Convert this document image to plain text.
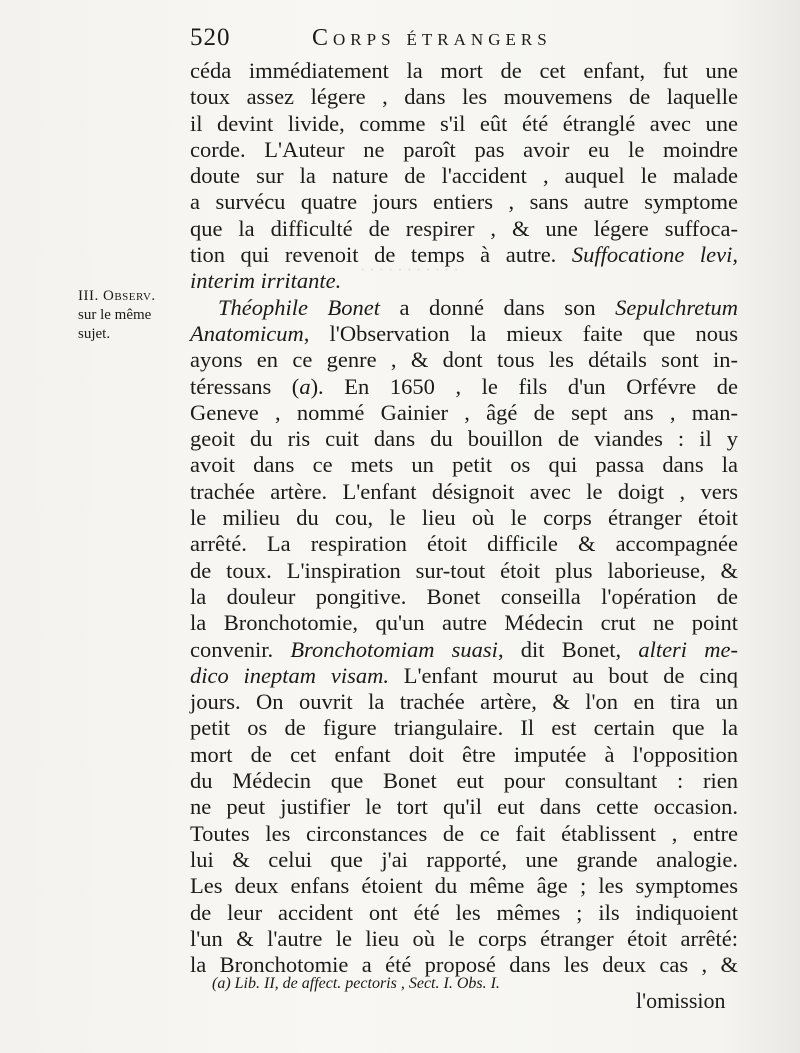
520	Corps étrangers
· · · · · · · · · · ·
III. Observ.
sur le même
sujet.
céda immédiatement la mort de cet enfant, fut une
toux assez légere , dans les mouvemens de laquelle
il devint livide, comme s'il eût été étranglé avec une
corde. L'Auteur ne paroît pas avoir eu le moindre
doute sur la nature de l'accident , auquel le malade
a survécu quatre jours entiers , sans autre symptome
que la difficulté de respirer , & une légere suffoca-
tion qui revenoit de temps à autre. Suffocatione levi,
interim irritante.
Théophile Bonet a donné dans son Sepulchretum
Anatomicum, l'Observation la mieux faite que nous
ayons en ce genre , & dont tous les détails sont in-
téressans (a). En 1650 , le fils d'un Orfévre de
Geneve , nommé Gainier , âgé de sept ans , man-
geoit du ris cuit dans du bouillon de viandes : il y
avoit dans ce mets un petit os qui passa dans la
trachée artère. L'enfant désignoit avec le doigt , vers
le milieu du cou, le lieu où le corps étranger étoit
arrêté. La respiration étoit difficile & accompagnée
de toux. L'inspiration sur-tout étoit plus laborieuse, &
la douleur pongitive. Bonet conseilla l'opération de
la Bronchotomie, qu'un autre Médecin crut ne point
convenir. Bronchotomiam suasi, dit Bonet, alteri me-
dico ineptam visam. L'enfant mourut au bout de cinq
jours. On ouvrit la trachée artère, & l'on en tira un
petit os de figure triangulaire. Il est certain que la
mort de cet enfant doit être imputée à l'opposition
du Médecin que Bonet eut pour consultant : rien
ne peut justifier le tort qu'il eut dans cette occasion.
Toutes les circonstances de ce fait établissent , entre
lui & celui que j'ai rapporté, une grande analogie.
Les deux enfans étoient du même âge ; les symptomes
de leur accident ont été les mêmes ; ils indiquoient
l'un & l'autre le lieu où le corps étranger étoit arrêté:
la Bronchotomie a été proposé dans les deux cas , &
(a) Lib. II, de affect. pectoris , Sect. I. Obs. I.
l'omission
